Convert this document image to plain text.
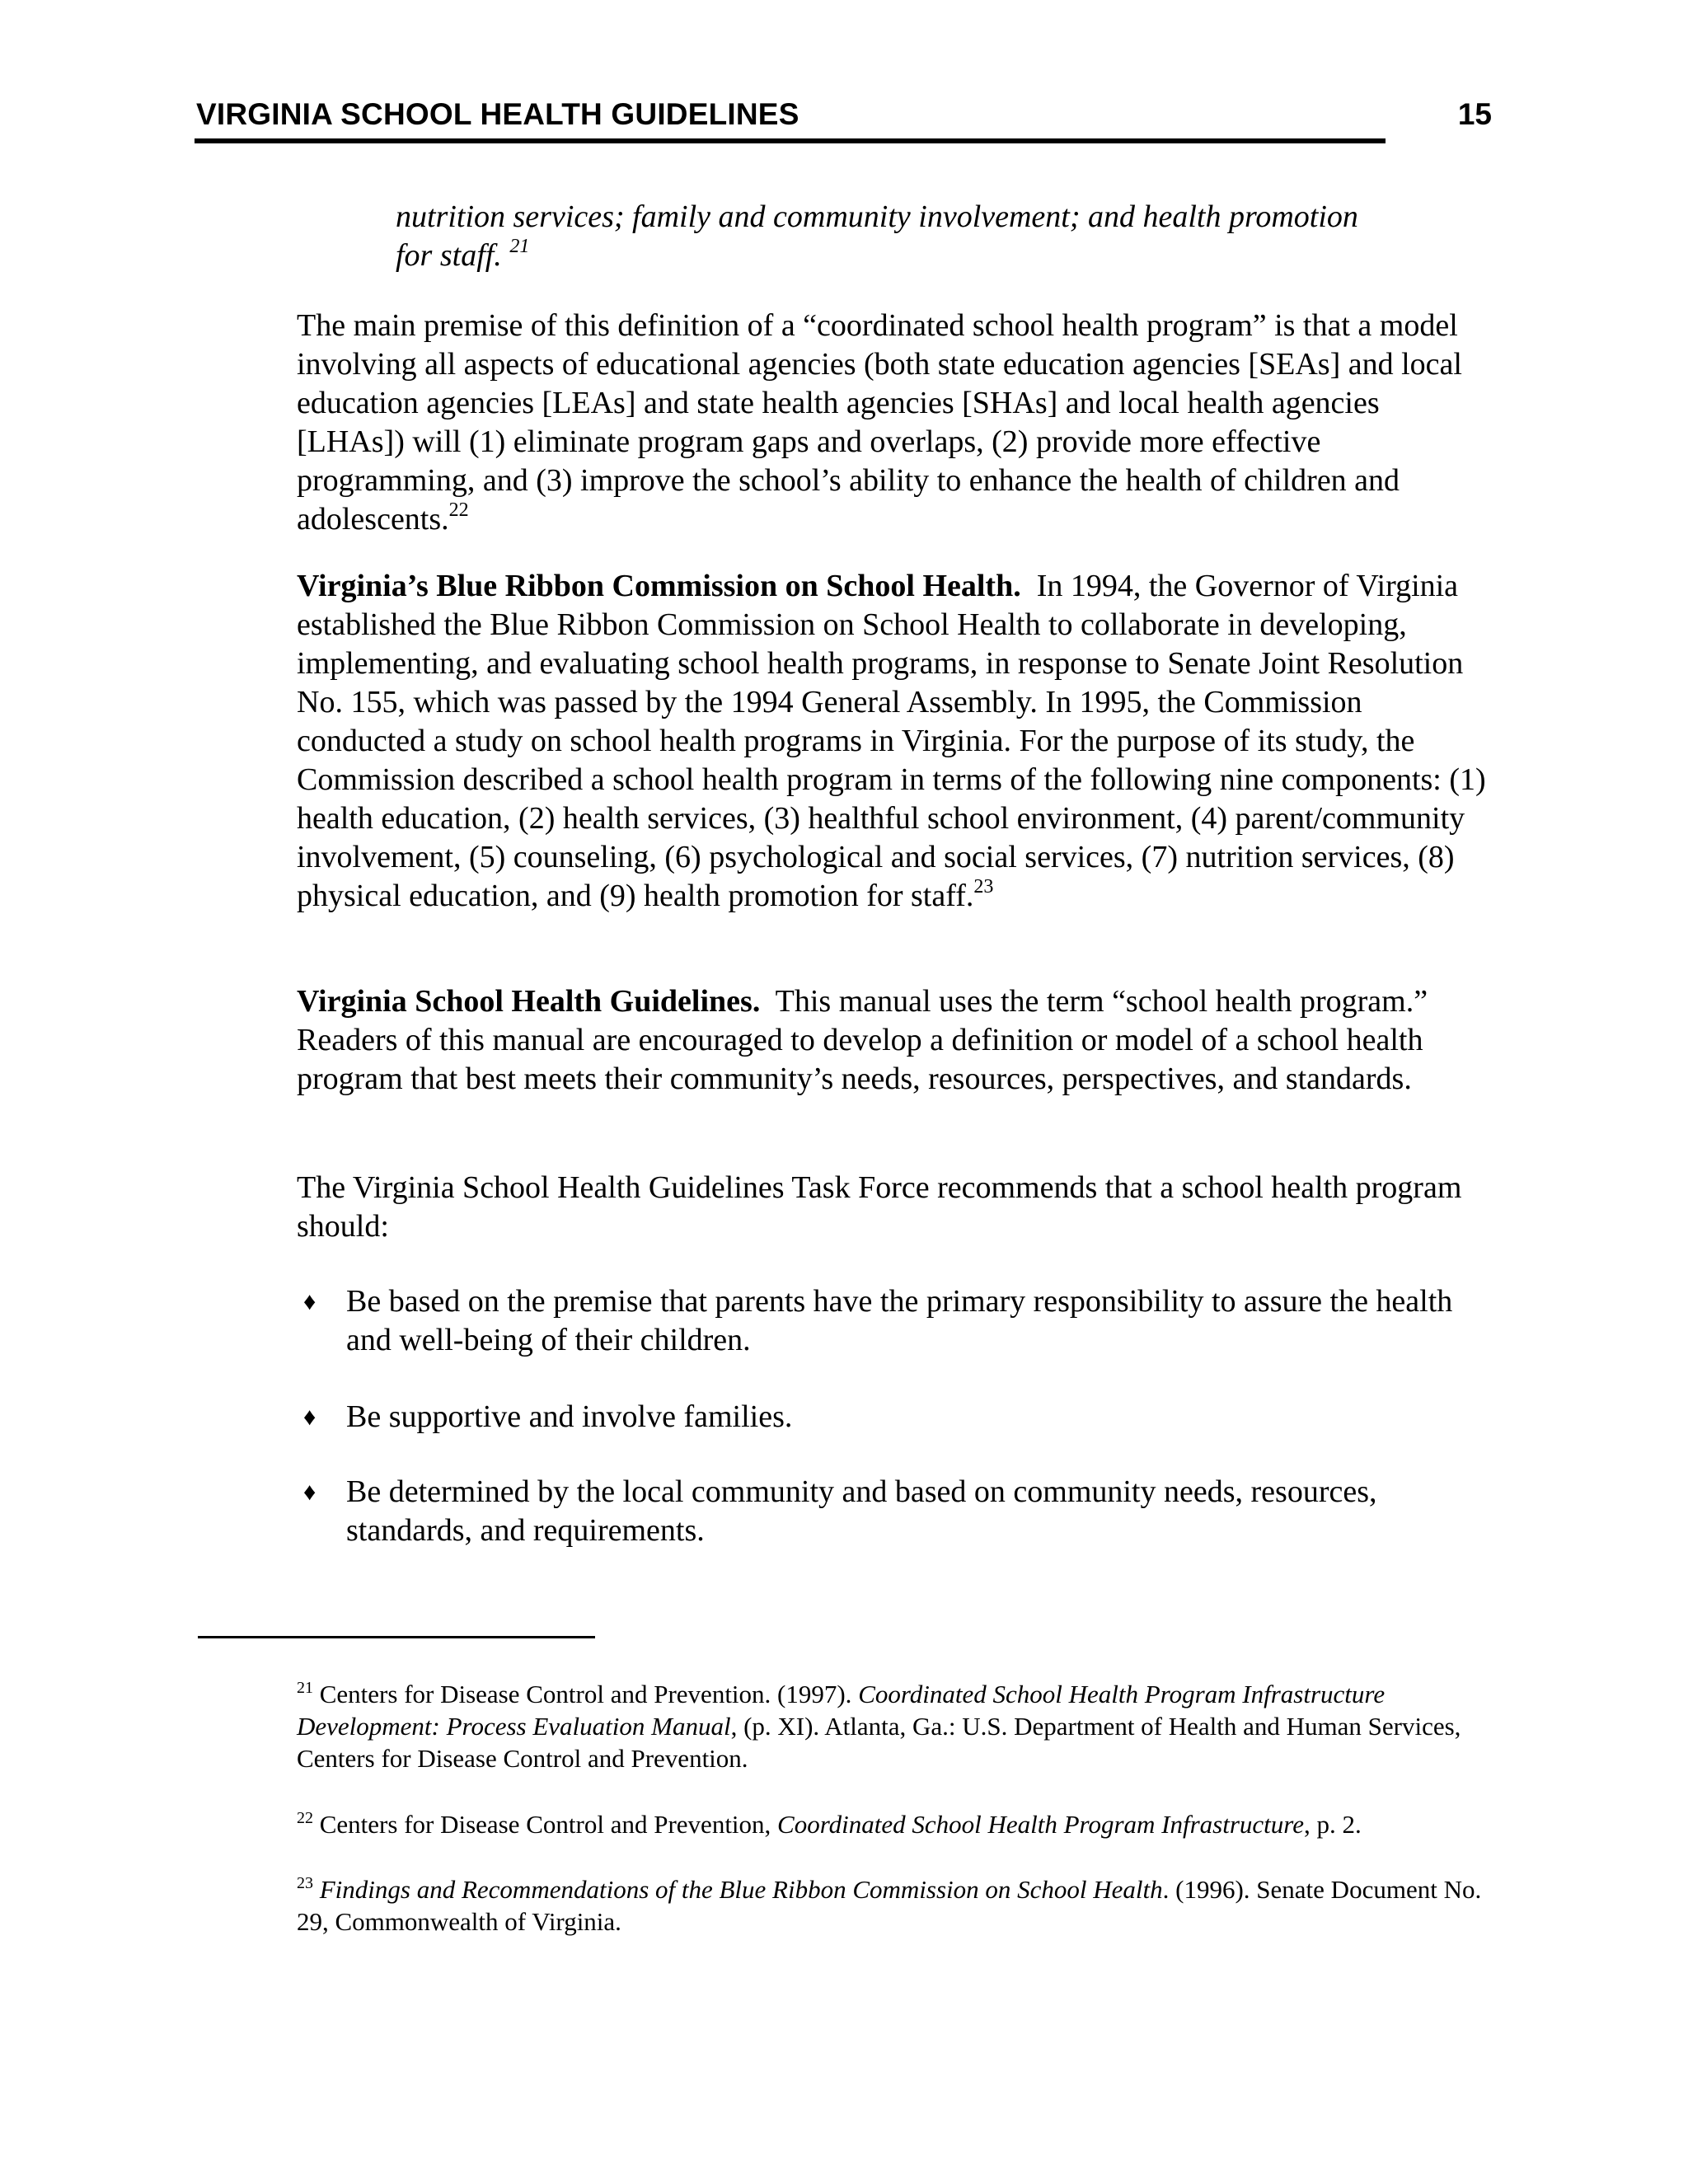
VIRGINIA SCHOOL HEALTH GUIDELINES	15
nutrition services; family and community involvement; and health promotion for staff. $^{21}$
The main premise of this definition of a “coordinated school health program” is that a model involving all aspects of educational agencies (both state education agencies [SEAs] and local education agencies [LEAs] and state health agencies [SHAs] and local health agencies [LHAs]) will (1) eliminate program gaps and overlaps, (2) provide more effective programming, and (3) improve the school’s ability to enhance the health of children and adolescents.$^{22}$
Virginia’s Blue Ribbon Commission on School Health. In 1994, the Governor of Virginia established the Blue Ribbon Commission on School Health to collaborate in developing, implementing, and evaluating school health programs, in response to Senate Joint Resolution No. 155, which was passed by the 1994 General Assembly. In 1995, the Commission conducted a study on school health programs in Virginia. For the purpose of its study, the Commission described a school health program in terms of the following nine components: (1) health education, (2) health services, (3) healthful school environment, (4) parent/community involvement, (5) counseling, (6) psychological and social services, (7) nutrition services, (8) physical education, and (9) health promotion for staff.$^{23}$
Virginia School Health Guidelines. This manual uses the term “school health program.” Readers of this manual are encouraged to develop a definition or model of a school health program that best meets their community’s needs, resources, perspectives, and standards.
The Virginia School Health Guidelines Task Force recommends that a school health program should:
♦ Be based on the premise that parents have the primary responsibility to assure the health and well-being of their children.
♦ Be supportive and involve families.
♦ Be determined by the local community and based on community needs, resources, standards, and requirements.
$^{21}$ Centers for Disease Control and Prevention. (1997). Coordinated School Health Program Infrastructure Development: Process Evaluation Manual, (p. XI). Atlanta, Ga.: U.S. Department of Health and Human Services, Centers for Disease Control and Prevention.
$^{22}$ Centers for Disease Control and Prevention, Coordinated School Health Program Infrastructure, p. 2.
$^{23}$ Findings and Recommendations of the Blue Ribbon Commission on School Health. (1996). Senate Document No. 29, Commonwealth of Virginia.
